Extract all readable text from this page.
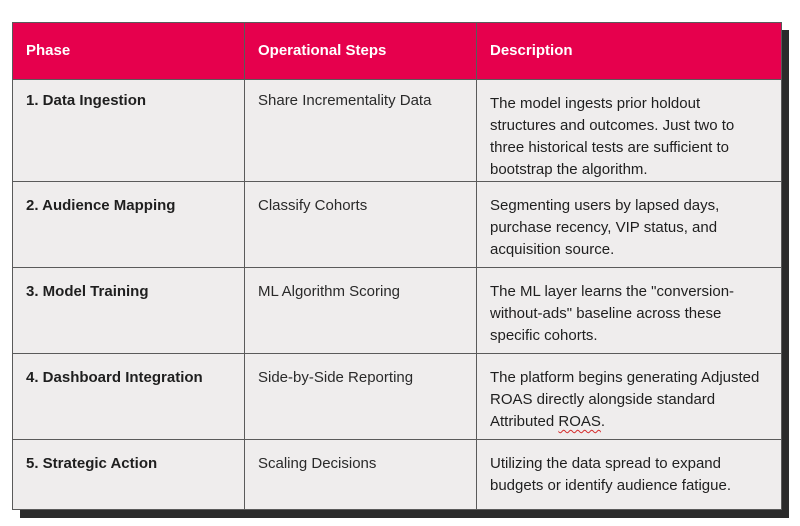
Phase	Operational Steps	Description
1. Data Ingestion	Share Incrementality Data	The model ingests prior holdout structures and outcomes. Just two to three historical tests are sufficient to bootstrap the algorithm.
2. Audience Mapping	Classify Cohorts	Segmenting users by lapsed days, purchase recency, VIP status, and acquisition source.
3. Model Training	ML Algorithm Scoring	The ML layer learns the "conversion-without-ads" baseline across these specific cohorts.
4. Dashboard Integration	Side-by-Side Reporting	The platform begins generating Adjusted ROAS directly alongside standard Attributed ROAS.
5. Strategic Action	Scaling Decisions	Utilizing the data spread to expand budgets or identify audience fatigue.
